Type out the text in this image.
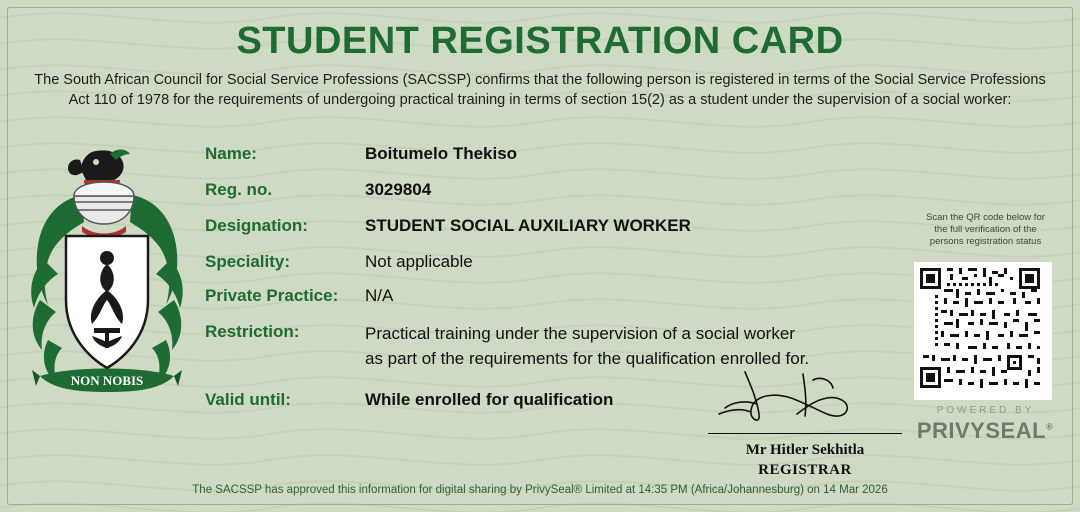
STUDENT REGISTRATION CARD
The South African Council for Social Service Professions (SACSSP) confirms that the following person is registered in terms of the Social Service Professions Act 110 of 1978 for the requirements of undergoing practical training in terms of section 15(2) as a student under the supervision of a social worker:
NON NOBIS
Name:	Boitumelo Thekiso
Reg. no.	3029804
Designation:	STUDENT SOCIAL AUXILIARY WORKER
Speciality:	Not applicable
Private Practice:	N/A
Restriction:	Practical training under the supervision of a social worker
as part of the requirements for the qualification enrolled for.
Valid until:	While enrolled for qualification
Scan the QR code below for
the full verification of the
persons registration status
POWERED BY
PRIVYSEAL®
Mr Hitler Sekhitla
REGISTRAR
The SACSSP has approved this information for digital sharing by PrivySeal® Limited at 14:35 PM (Africa/Johannesburg) on 14 Mar 2026
